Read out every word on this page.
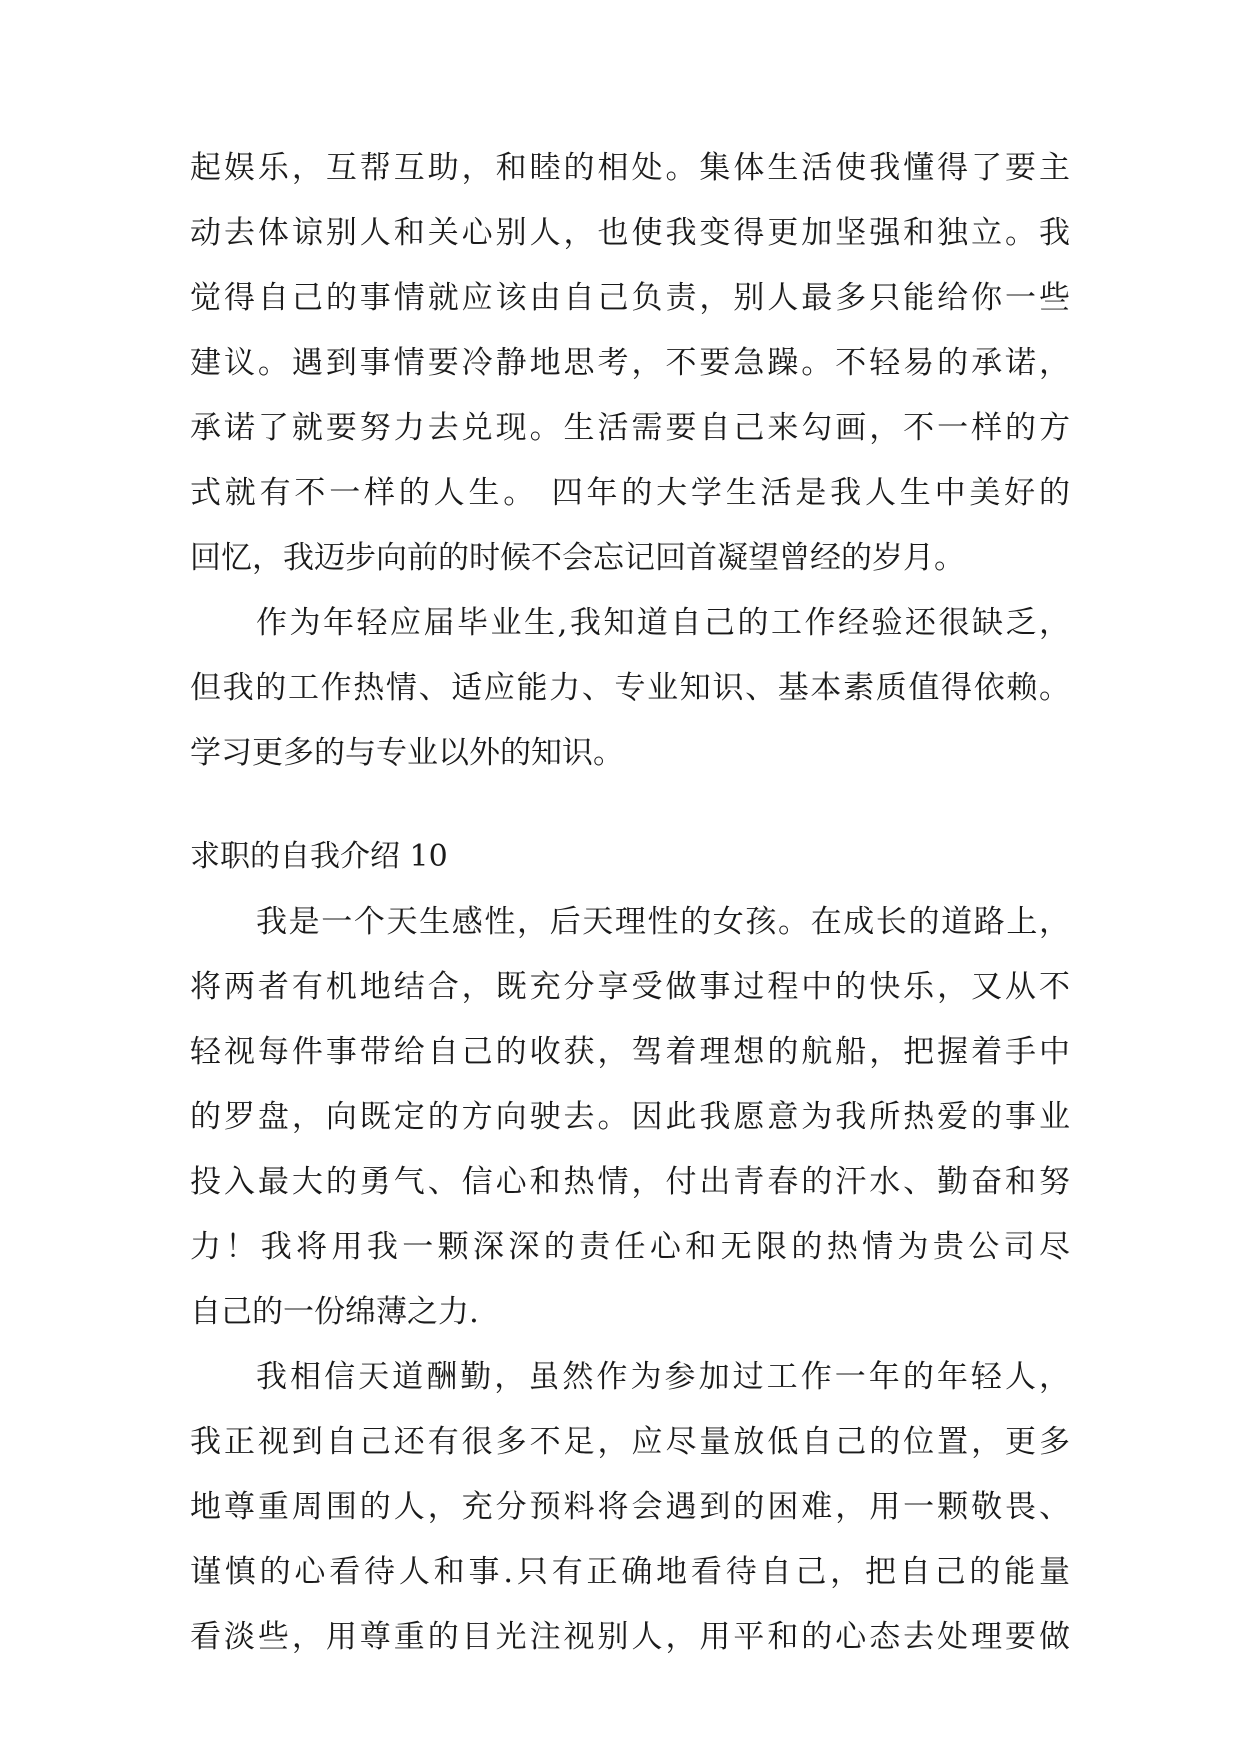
起娱乐，互帮互助，和睦的相处。集体生活使我懂得了要主
动去体谅别人和关心别人，也使我变得更加坚强和独立。我
觉得自己的事情就应该由自己负责，别人最多只能给你一些
建议。遇到事情要冷静地思考，不要急躁。不轻易的承诺，
承诺了就要努力去兑现。生活需要自己来勾画，不一样的方
式就有不一样的人生。 四年的大学生活是我人生中美好的
回忆，我迈步向前的时候不会忘记回首凝望曾经的岁月。
作为年轻应届毕业生,我知道自己的工作经验还很缺乏，
但我的工作热情、适应能力、专业知识、基本素质值得依赖。
学习更多的与专业以外的知识。
求职的自我介绍 10
我是一个天生感性，后天理性的女孩。在成长的道路上，
将两者有机地结合，既充分享受做事过程中的快乐，又从不
轻视每件事带给自己的收获，驾着理想的航船，把握着手中
的罗盘，向既定的方向驶去。因此我愿意为我所热爱的事业
投入最大的勇气、信心和热情，付出青春的汗水、勤奋和努
力！我将用我一颗深深的责任心和无限的热情为贵公司尽
自己的一份绵薄之力.
我相信天道酬勤，虽然作为参加过工作一年的年轻人，
我正视到自己还有很多不足，应尽量放低自己的位置，更多
地尊重周围的人，充分预料将会遇到的困难，用一颗敬畏、
谨慎的心看待人和事.只有正确地看待自己，把自己的能量
看淡些，用尊重的目光注视别人，用平和的心态去处理要做
